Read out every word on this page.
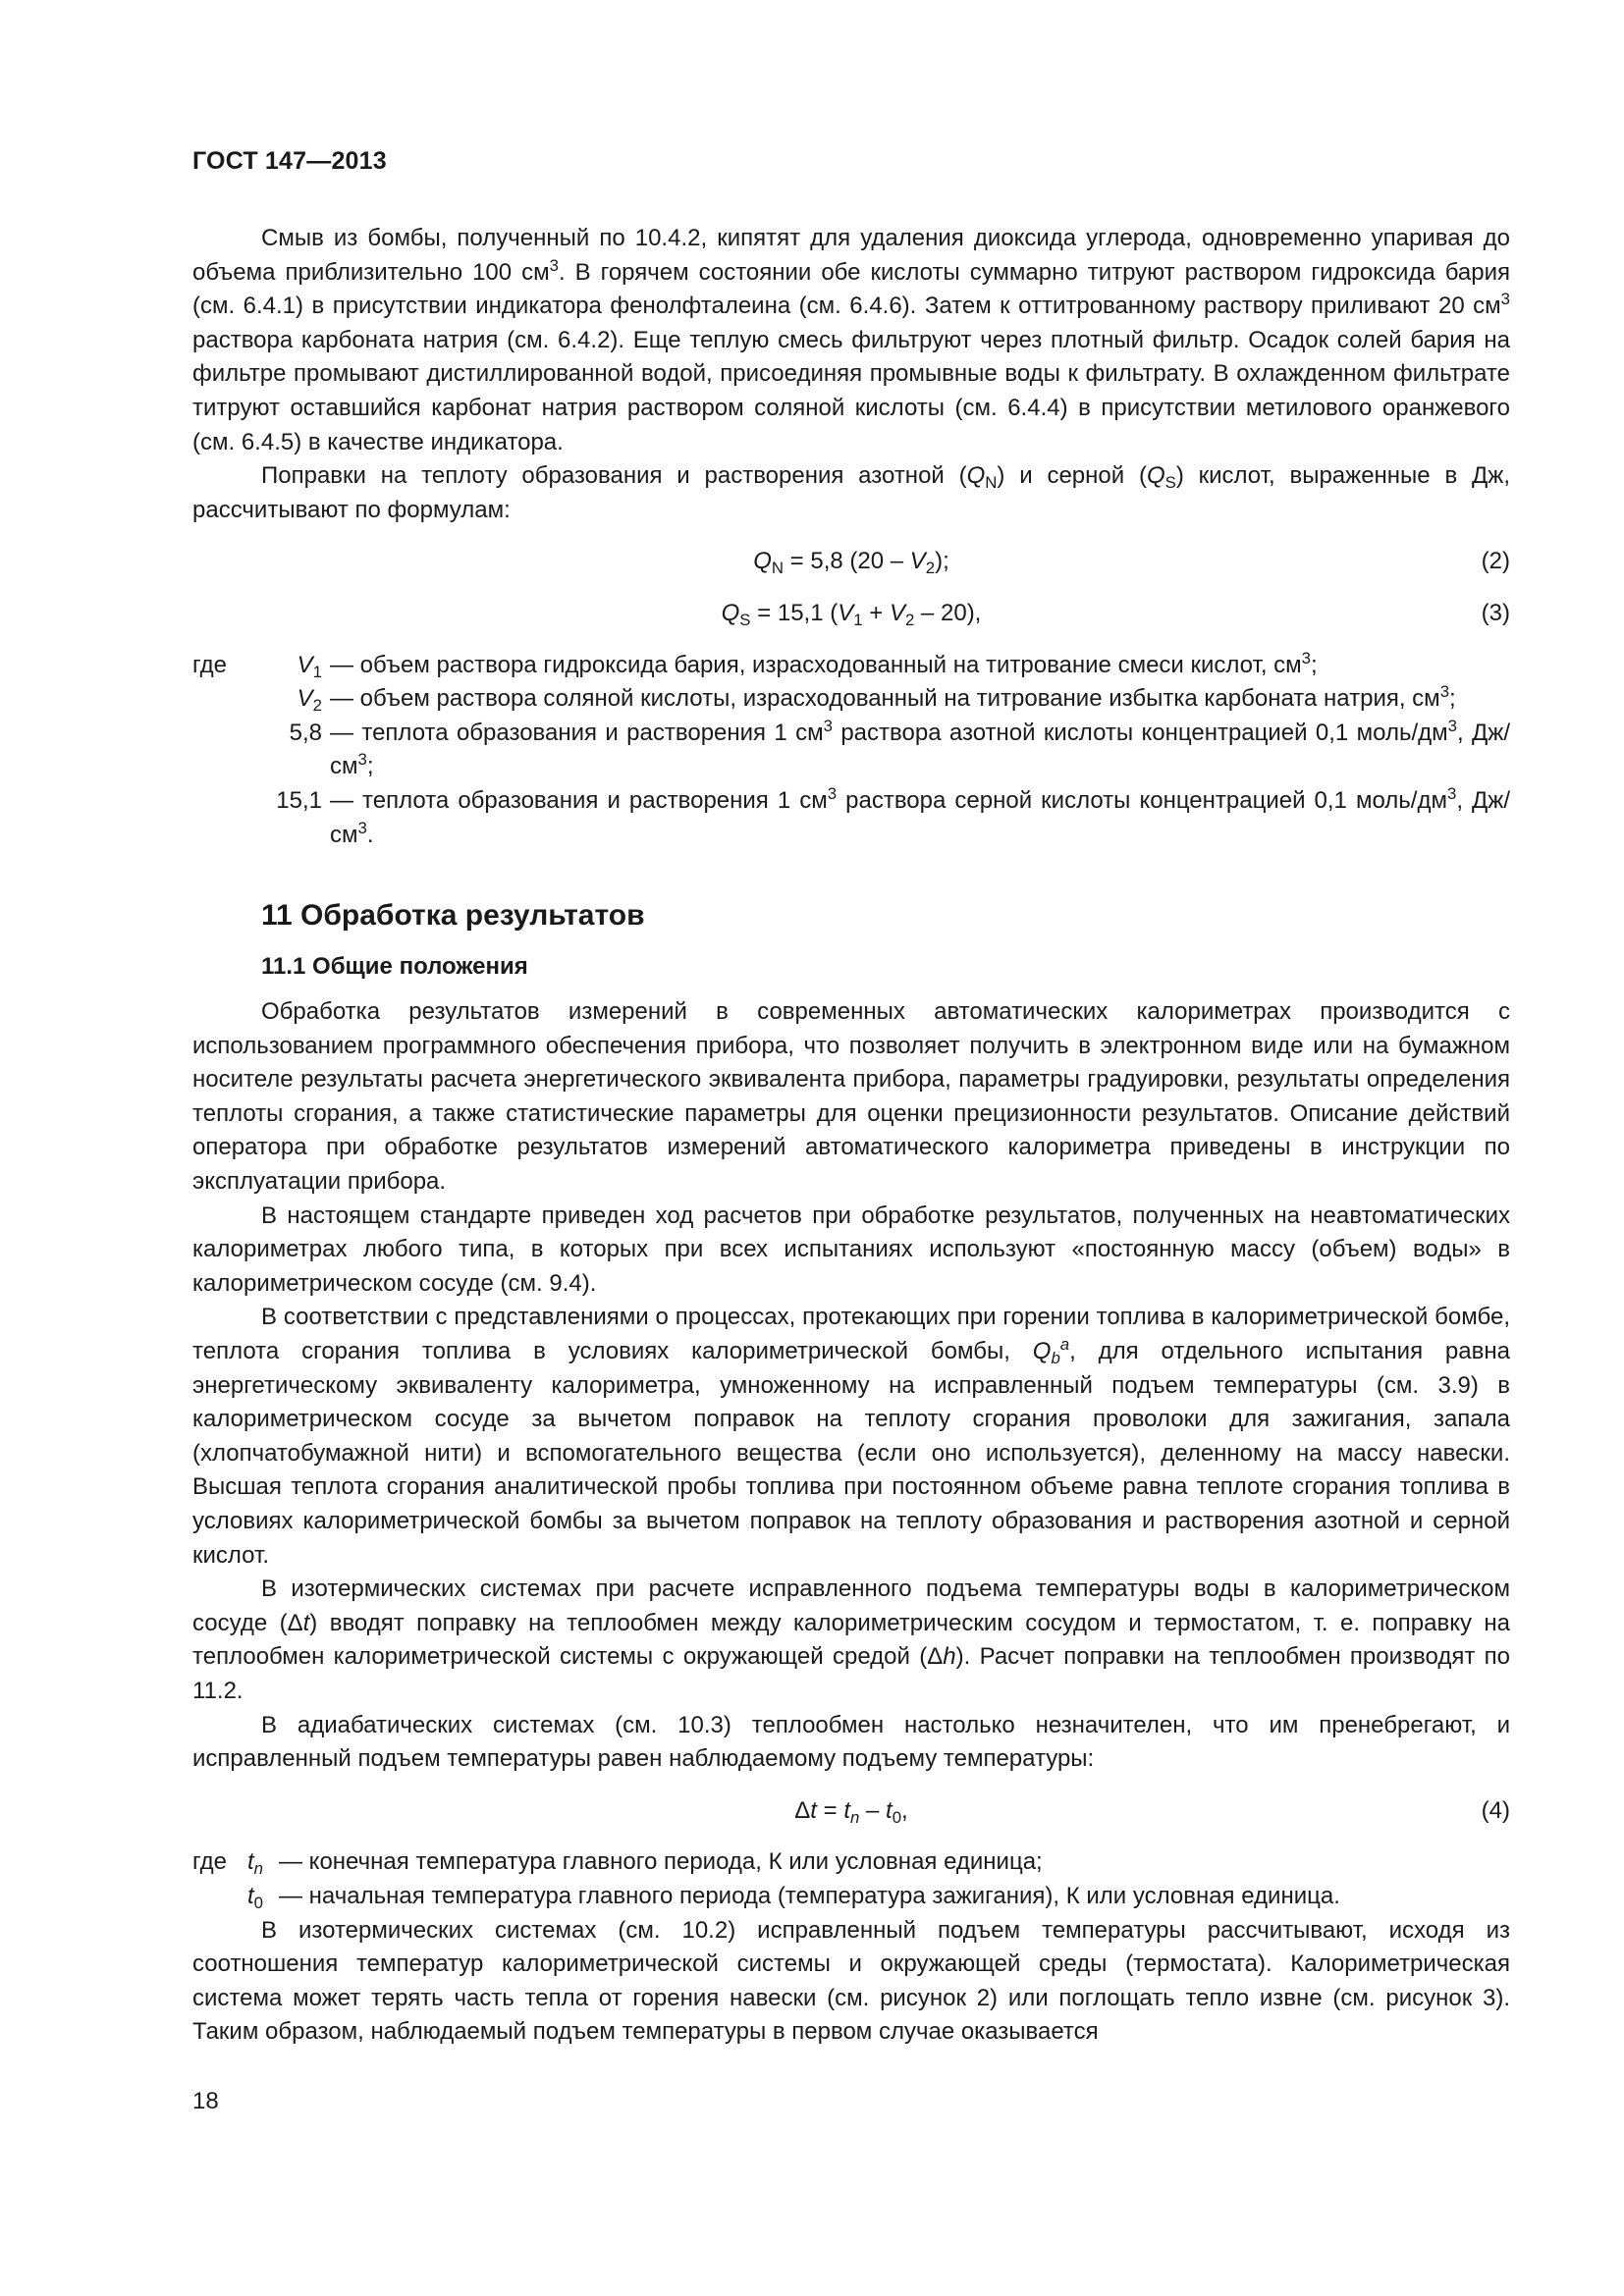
ГОСТ 147—2013

Смыв из бомбы, полученный по 10.4.2, кипятят для удаления диоксида углерода, одновременно упаривая до объема приблизительно 100 $см^3$. В горячем состоянии обе кислоты суммарно титруют раствором гидроксида бария (см. 6.4.1) в присутствии индикатора фенолфталеина (см. 6.4.6). Затем к оттитрованному раствору приливают 20 $см^3$ раствора карбоната натрия (см. 6.4.2). Еще теплую смесь фильтруют через плотный фильтр. Осадок солей бария на фильтре промывают дистиллированной водой, присоединяя промывные воды к фильтрату. В охлажденном фильтрате титруют оставшийся карбонат натрия раствором соляной кислоты (см. 6.4.4) в присутствии метилового оранжевого (см. 6.4.5) в качестве индикатора.

Поправки на теплоту образования и растворения азотной $(Q_N)$ и серной $(Q_S)$ кислот, выраженные в Дж, рассчитывают по формулам:

$Q_N = 5,8$ $(20 - V_2)$;	(2)
$Q_S = 15,1$ $(V_1 + V_2 - 20)$,	(3)
где	$V_1$ — объем раствора гидроксида бария, израсходованный на титрование смеси кислот, $см^3$;
$V_2$ — объем раствора соляной кислоты, израсходованный на титрование избытка карбоната натрия, $см^3$;
5,8 — теплота образования и растворения 1 $см^3$ раствора азотной кислоты концентрацией 0,1 моль/$дм^3$, $Дж/см^3$;
15,1 — теплота образования и растворения 1 $см^3$ раствора серной кислоты концентрацией 0,1 моль/$дм^3$, $Дж/см^3$.
11 Обработка результатов
11.1 Общие положения

Обработка результатов измерений в современных автоматических калориметрах производится с использованием программного обеспечения прибора, что позволяет получить в электронном виде или на бумажном носителе результаты расчета энергетического эквивалента прибора, параметры градуировки, результаты определения теплоты сгорания, а также статистические параметры для оценки прецизионности результатов. Описание действий оператора при обработке результатов измерений автоматического калориметра приведены в инструкции по эксплуатации прибора.

В настоящем стандарте приведен ход расчетов при обработке результатов, полученных на неавтоматических калориметрах любого типа, в которых при всех испытаниях используют «постоянную массу (объем) воды» в калориметрическом сосуде (см. 9.4).

В соответствии с представлениями о процессах, протекающих при горении топлива в калориметрической бомбе, теплота сгорания топлива в условиях калориметрической бомбы, $Q_b^a$, для отдельного испытания равна энергетическому эквиваленту калориметра, умноженному на исправленный подъем температуры (см. 3.9) в калориметрическом сосуде за вычетом поправок на теплоту сгорания проволоки для зажигания, запала (хлопчатобумажной нити) и вспомогательного вещества (если оно используется), деленному на массу навески. Высшая теплота сгорания аналитической пробы топлива при постоянном объеме равна теплоте сгорания топлива в условиях калориметрической бомбы за вычетом поправок на теплоту образования и растворения азотной и серной кислот.

В изотермических системах при расчете исправленного подъема температуры воды в калориметрическом сосуде (Δt) вводят поправку на теплообмен между калориметрическим сосудом и термостатом, т. е. поправку на теплообмен калориметрической системы с окружающей средой (Δh). Расчет поправки на теплообмен производят по 11.2.

В адиабатических системах (см. 10.3) теплообмен настолько незначителен, что им пренебрегают, и исправленный подъем температуры равен наблюдаемому подъему температуры:

$\Delta t = t_n - t_0$,	(4)
где $t_n$ — конечная температура главного периода, К или условная единица;
$t_0$ — начальная температура главного периода (температура зажигания), К или условная единица.

В изотермических системах (см. 10.2) исправленный подъем температуры рассчитывают, исходя из соотношения температур калориметрической системы и окружающей среды (термостата). Калориметрическая система может терять часть тепла от горения навески (см. рисунок 2) или поглощать тепло извне (см. рисунок 3). Таким образом, наблюдаемый подъем температуры в первом случае оказывается

18
